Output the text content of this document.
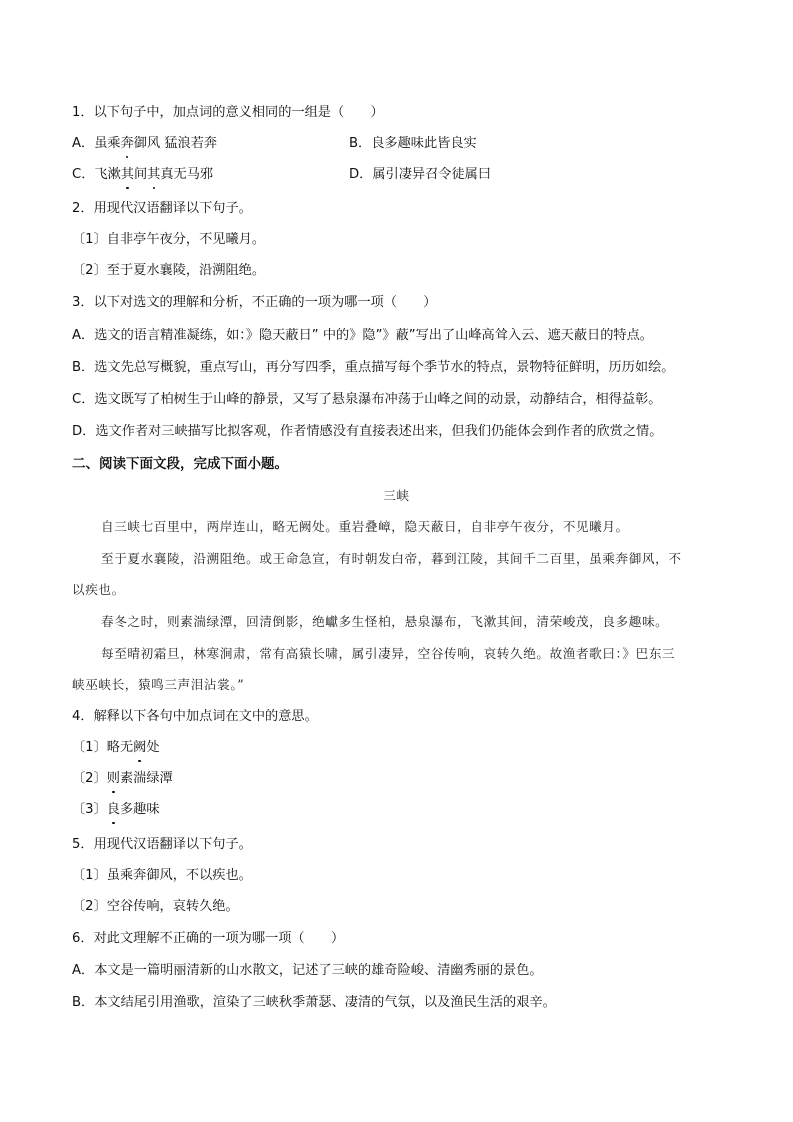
1．以下句子中，加点词的意义相同的一组是（　　）
A．虽乘奔御风 猛浪若奔	B．良多趣味此皆良实
C．飞漱其间其真无马邪	D．属引凄异召令徒属曰
2．用现代汉语翻译以下句子。
〔1〕自非亭午夜分，不见曦月。
〔2〕至于夏水襄陵，沿溯阻绝。
3．以下对选文的理解和分析，不正确的一项为哪一项（　　）
A．选文的语言精准凝练，如：》隐天蔽日” 中的》隐”》蔽”写出了山峰高耸入云、遮天蔽日的特点。
B．选文先总写概貌，重点写山，再分写四季，重点描写每个季节水的特点，景物特征鲜明，历历如绘。
C．选文既写了柏树生于山峰的静景，又写了悬泉瀑布冲荡于山峰之间的动景，动静结合，相得益彰。
D．选文作者对三峡描写比拟客观，作者情感没有直接表述出来，但我们仍能体会到作者的欣赏之情。
二、阅读下面文段，完成下面小题。
三峡
自三峡七百里中，两岸连山，略无阙处。重岩叠嶂，隐天蔽日，自非亭午夜分，不见曦月。
至于夏水襄陵，沿溯阻绝。或王命急宣，有时朝发白帝，暮到江陵，其间千二百里，虽乘奔御风，不
以疾也。
春冬之时，则素湍绿潭，回清倒影，绝巘多生怪柏，悬泉瀑布，飞漱其间，清荣峻茂，良多趣味。
每至晴初霜旦，林寒涧肃，常有高猿长啸，属引凄异，空谷传响，哀转久绝。故渔者歌曰：》巴东三
峡巫峡长，猿鸣三声泪沾裳。”
4．解释以下各句中加点词在文中的意思。
〔1〕略无阙处
〔2〕则素湍绿潭
〔3〕良多趣味
5．用现代汉语翻译以下句子。
〔1〕虽乘奔御风，不以疾也。
〔2〕空谷传响，哀转久绝。
6．对此文理解不正确的一项为哪一项（　　）
A．本文是一篇明丽清新的山水散文，记述了三峡的雄奇险峻、清幽秀丽的景色。
B．本文结尾引用渔歌，渲染了三峡秋季萧瑟、凄清的气氛，以及渔民生活的艰辛。
